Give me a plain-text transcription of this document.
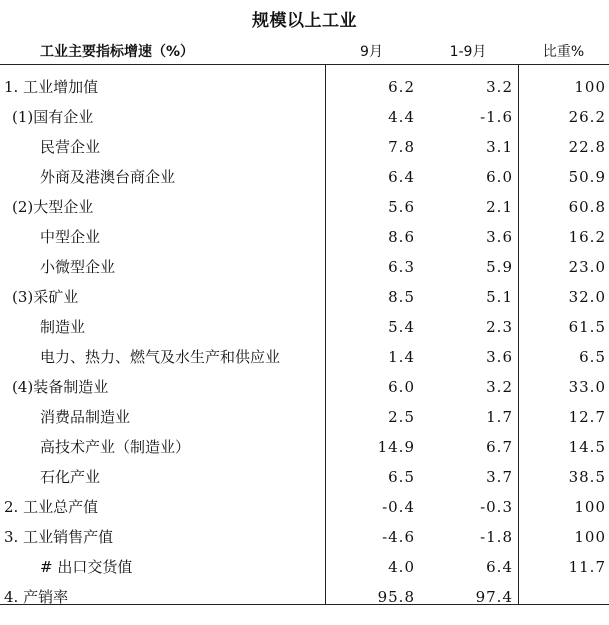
规模以上工业
工业主要指标增速（%）	9月	1-9月	比重%
1. 工业增加值	6.2	3.2	100
(1)国有企业	4.4	-1.6	26.2
民营企业	7.8	3.1	22.8
外商及港澳台商企业	6.4	6.0	50.9
(2)大型企业	5.6	2.1	60.8
中型企业	8.6	3.6	16.2
小微型企业	6.3	5.9	23.0
(3)采矿业	8.5	5.1	32.0
制造业	5.4	2.3	61.5
电力、热力、燃气及水生产和供应业	1.4	3.6	6.5
(4)装备制造业	6.0	3.2	33.0
消费品制造业	2.5	1.7	12.7
高技术产业（制造业）	14.9	6.7	14.5
石化产业	6.5	3.7	38.5
2. 工业总产值	-0.4	-0.3	100
3. 工业销售产值	-4.6	-1.8	100
# 出口交货值	4.0	6.4	11.7
4. 产销率	95.8	97.4
